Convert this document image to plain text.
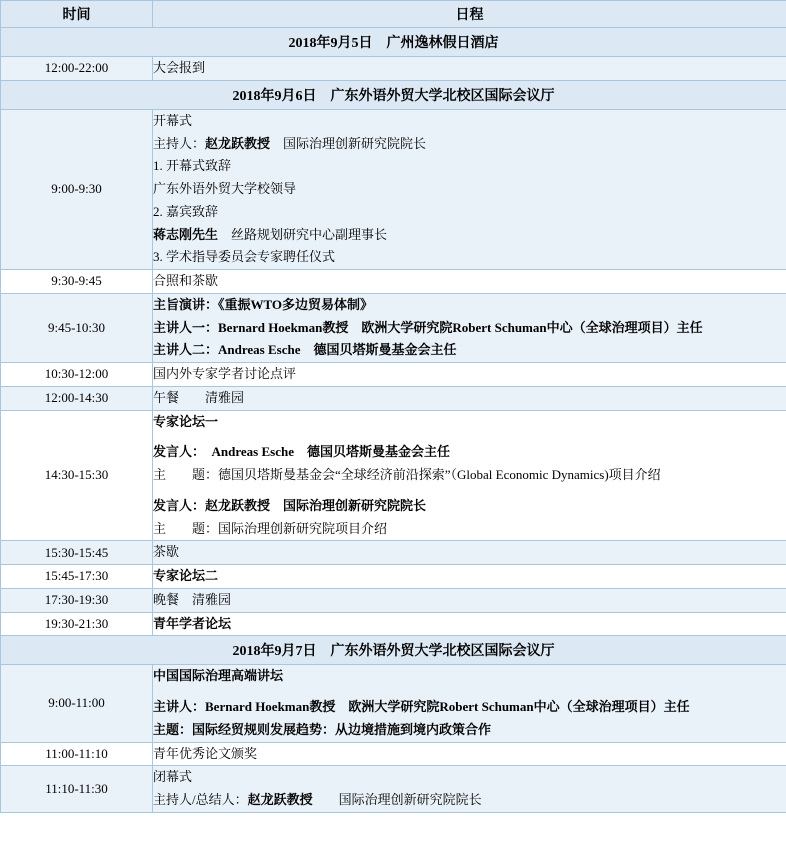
时间	日程
2018年9月5日　广州逸林假日酒店	
12:00-22:00	大会报到

2018年9月6日　广东外语外贸大学北校区国际会议厅	
9:00-9:30	
开幕式
主持人：赵龙跃教授　国际治理创新研究院院长
1. 开幕式致辞
广东外语外贸大学校领导
2. 嘉宾致辞
蒋志刚先生　丝路规划研究中心副理事长
3. 学术指导委员会专家聘任仪式

9:30-9:45	合照和茶歇

9:45-10:30	主旨演讲：《重振WTO多边贸易体制》
主讲人一：Bernard Hoekman教授　欧洲大学研究院Robert Schuman中心（全球治理项目）主任
主讲人二：Andreas Esche　德国贝塔斯曼基金会主任

10:30-12:00	国内外专家学者讨论点评

12:00-14:30	午餐　　清雅园

14:30-15:30	专家论坛一
发言人：　Andreas Esche　德国贝塔斯曼基金会主任
主　　题：德国贝塔斯曼基金会“全球经济前沿探索”（Global Economic Dynamics)项目介绍
发言人：赵龙跃教授　国际治理创新研究院院长
主　　题：国际治理创新研究院项目介绍

15:30-15:45	茶歇

15:45-17:30	专家论坛二

17:30-19:30	晚餐　清雅园

19:30-21:30	青年学者论坛

2018年9月7日　广东外语外贸大学北校区国际会议厅	
9:00-11:00	中国国际治理高端讲坛
主讲人：Bernard Hoekman教授　欧洲大学研究院Robert Schuman中心（全球治理项目）主任
主题：国际经贸规则发展趋势：从边境措施到境内政策合作

11:00-11:10	青年优秀论文颁奖

11:10-11:30	闭幕式
主持人/总结人：赵龙跃教授　　国际治理创新研究院院长
